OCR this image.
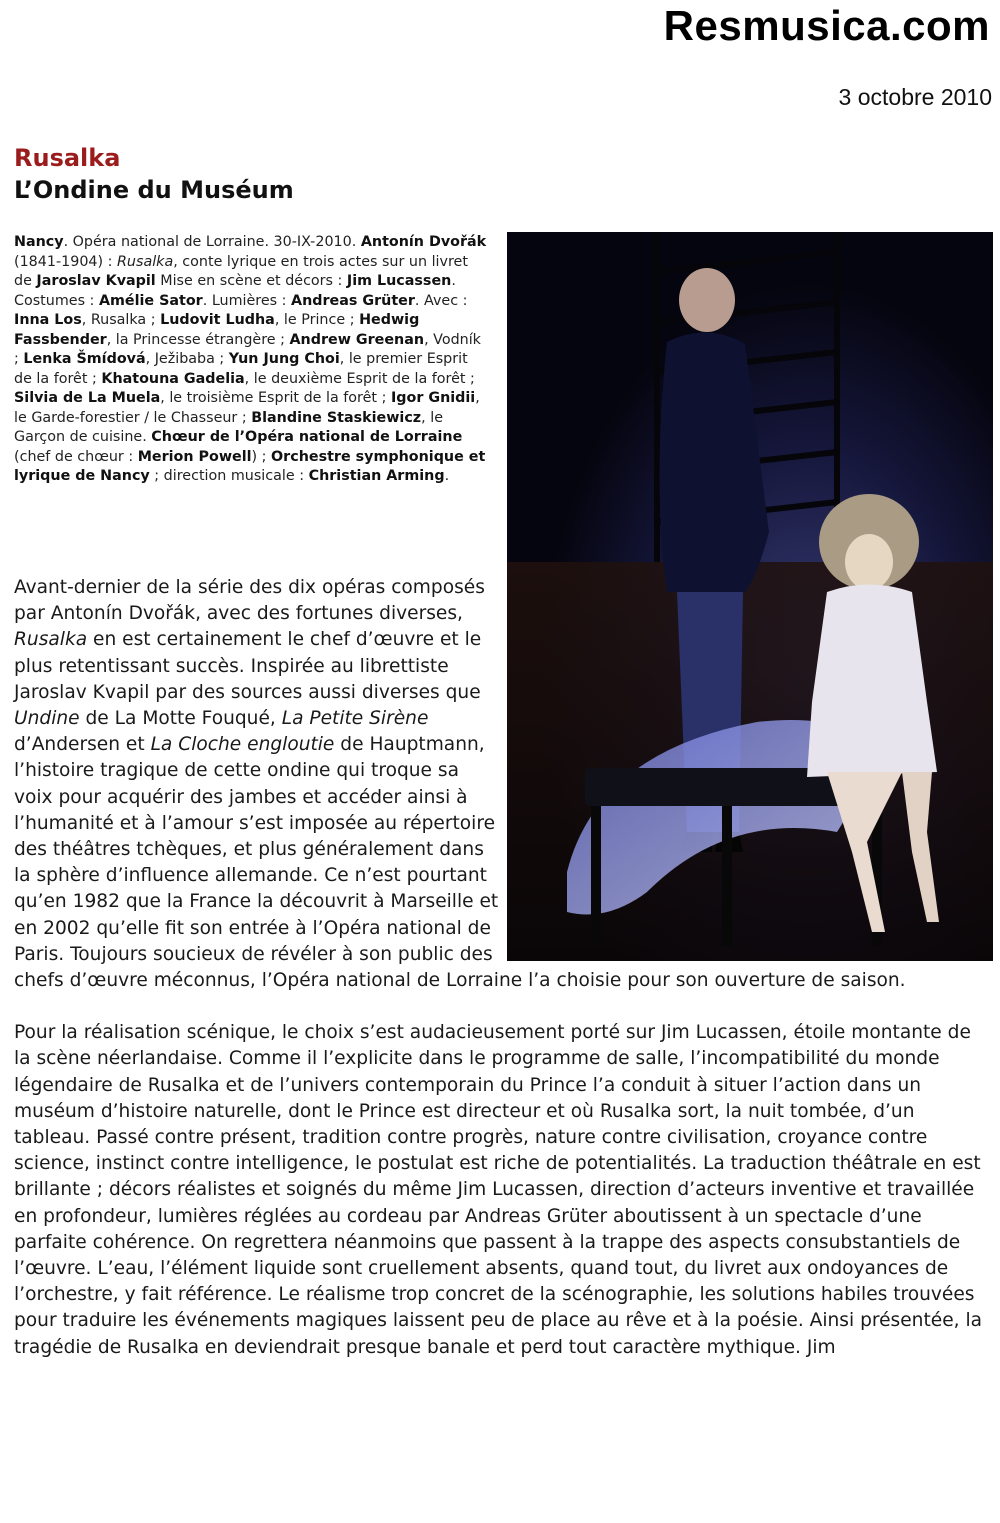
Resmusica.com
3 octobre 2010
Rusalka
L’Ondine du Muséum
Nancy. Opéra national de Lorraine. 30-IX-2010. Antonín Dvořák (1841-1904) : Rusalka, conte lyrique en trois actes sur un livret de Jaroslav Kvapil Mise en scène et décors : Jim Lucassen. Costumes : Amélie Sator. Lumières : Andreas Grüter. Avec : Inna Los, Rusalka ; Ludovit Ludha, le Prince ; Hedwig Fassbender, la Princesse étrangère ; Andrew Greenan, Vodník ; Lenka Šmídová, Ježibaba ; Yun Jung Choi, le premier Esprit de la forêt ; Khatouna Gadelia, le deuxième Esprit de la forêt ; Silvia de La Muela, le troisième Esprit de la forêt ; Igor Gnidii, le Garde-forestier / le Chasseur ; Blandine Staskiewicz, le Garçon de cuisine. Chœur de l’Opéra national de Lorraine (chef de chœur : Merion Powell) ; Orchestre symphonique et lyrique de Nancy ; direction musicale : Christian Arming.

Avant-dernier de la série des dix opéras composés par Antonín Dvořák, avec des fortunes diverses, Rusalka en est certainement le chef d’œuvre et le plus retentissant succès. Inspirée au librettiste Jaroslav Kvapil par des sources aussi diverses que Undine de La Motte Fouqué, La Petite Sirène d’Andersen et La Cloche engloutie de Hauptmann, l’histoire tragique de cette ondine qui troque sa voix pour acquérir des jambes et accéder ainsi à l’humanité et à l’amour s’est imposée au répertoire des théâtres tchèques, et plus généralement dans la sphère d’influence allemande. Ce n’est pourtant qu’en 1982 que la France la découvrit à Marseille et en 2002 qu’elle fit son entrée à l’Opéra national de Paris. Toujours soucieux de révéler à son public des chefs d’œuvre méconnus, l’Opéra national de Lorraine l’a choisie pour son ouverture de saison.

Pour la réalisation scénique, le choix s’est audacieusement porté sur Jim Lucassen, étoile montante de la scène néerlandaise. Comme il l’explicite dans le programme de salle, l’incompatibilité du monde légendaire de Rusalka et de l’univers contemporain du Prince l’a conduit à situer l’action dans un muséum d’histoire naturelle, dont le Prince est directeur et où Rusalka sort, la nuit tombée, d’un tableau. Passé contre présent, tradition contre progrès, nature contre civilisation, croyance contre science, instinct contre intelligence, le postulat est riche de potentialités. La traduction théâtrale en est brillante ; décors réalistes et soignés du même Jim Lucassen, direction d’acteurs inventive et travaillée en profondeur, lumières réglées au cordeau par Andreas Grüter aboutissent à un spectacle d’une parfaite cohérence. On regrettera néanmoins que passent à la trappe des aspects consubstantiels de l’œuvre. L’eau, l’élément liquide sont cruellement absents, quand tout, du livret aux ondoyances de l’orchestre, y fait référence. Le réalisme trop concret de la scénographie, les solutions habiles trouvées pour traduire les événements magiques laissent peu de place au rêve et à la poésie. Ainsi présentée, la tragédie de Rusalka en deviendrait presque banale et perd tout caractère mythique. Jim
